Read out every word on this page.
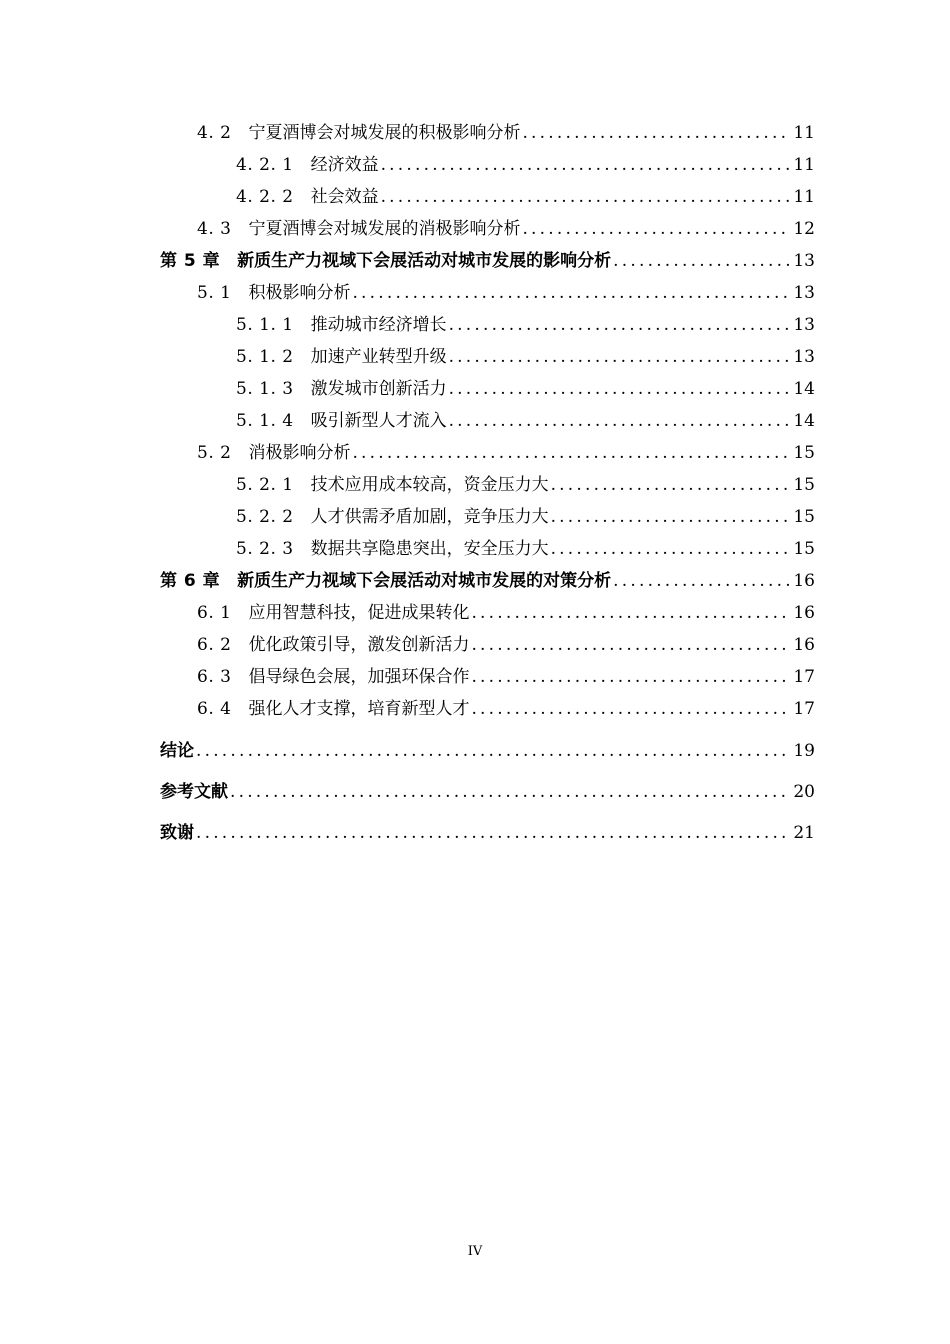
4. 2 宁夏酒博会对城发展的积极影响分析 .....	11
4. 2. 1 经济效益 .....	11
4. 2. 2 社会效益 .....	11
4. 3 宁夏酒博会对城发展的消极影响分析 .....	12
第 5 章 新质生产力视域下会展活动对城市发展的影响分析 .....	13
5. 1 积极影响分析 .....	13
5. 1. 1 推动城市经济增长 .....	13
5. 1. 2 加速产业转型升级 .....	13
5. 1. 3 激发城市创新活力 .....	14
5. 1. 4 吸引新型人才流入 .....	14
5. 2 消极影响分析 .....	15
5. 2. 1 技术应用成本较高，资金压力大 .....	15
5. 2. 2 人才供需矛盾加剧，竞争压力大 .....	15
5. 2. 3 数据共享隐患突出，安全压力大 .....	15
第 6 章 新质生产力视域下会展活动对城市发展的对策分析 .....	16
6. 1 应用智慧科技，促进成果转化 .....	16
6. 2 优化政策引导，激发创新活力 .....	16
6. 3 倡导绿色会展，加强环保合作 .....	17
6. 4 强化人才支撑，培育新型人才 .....	17
结论 .....	19
参考文献 .....	20
致谢 .....	21
IV
